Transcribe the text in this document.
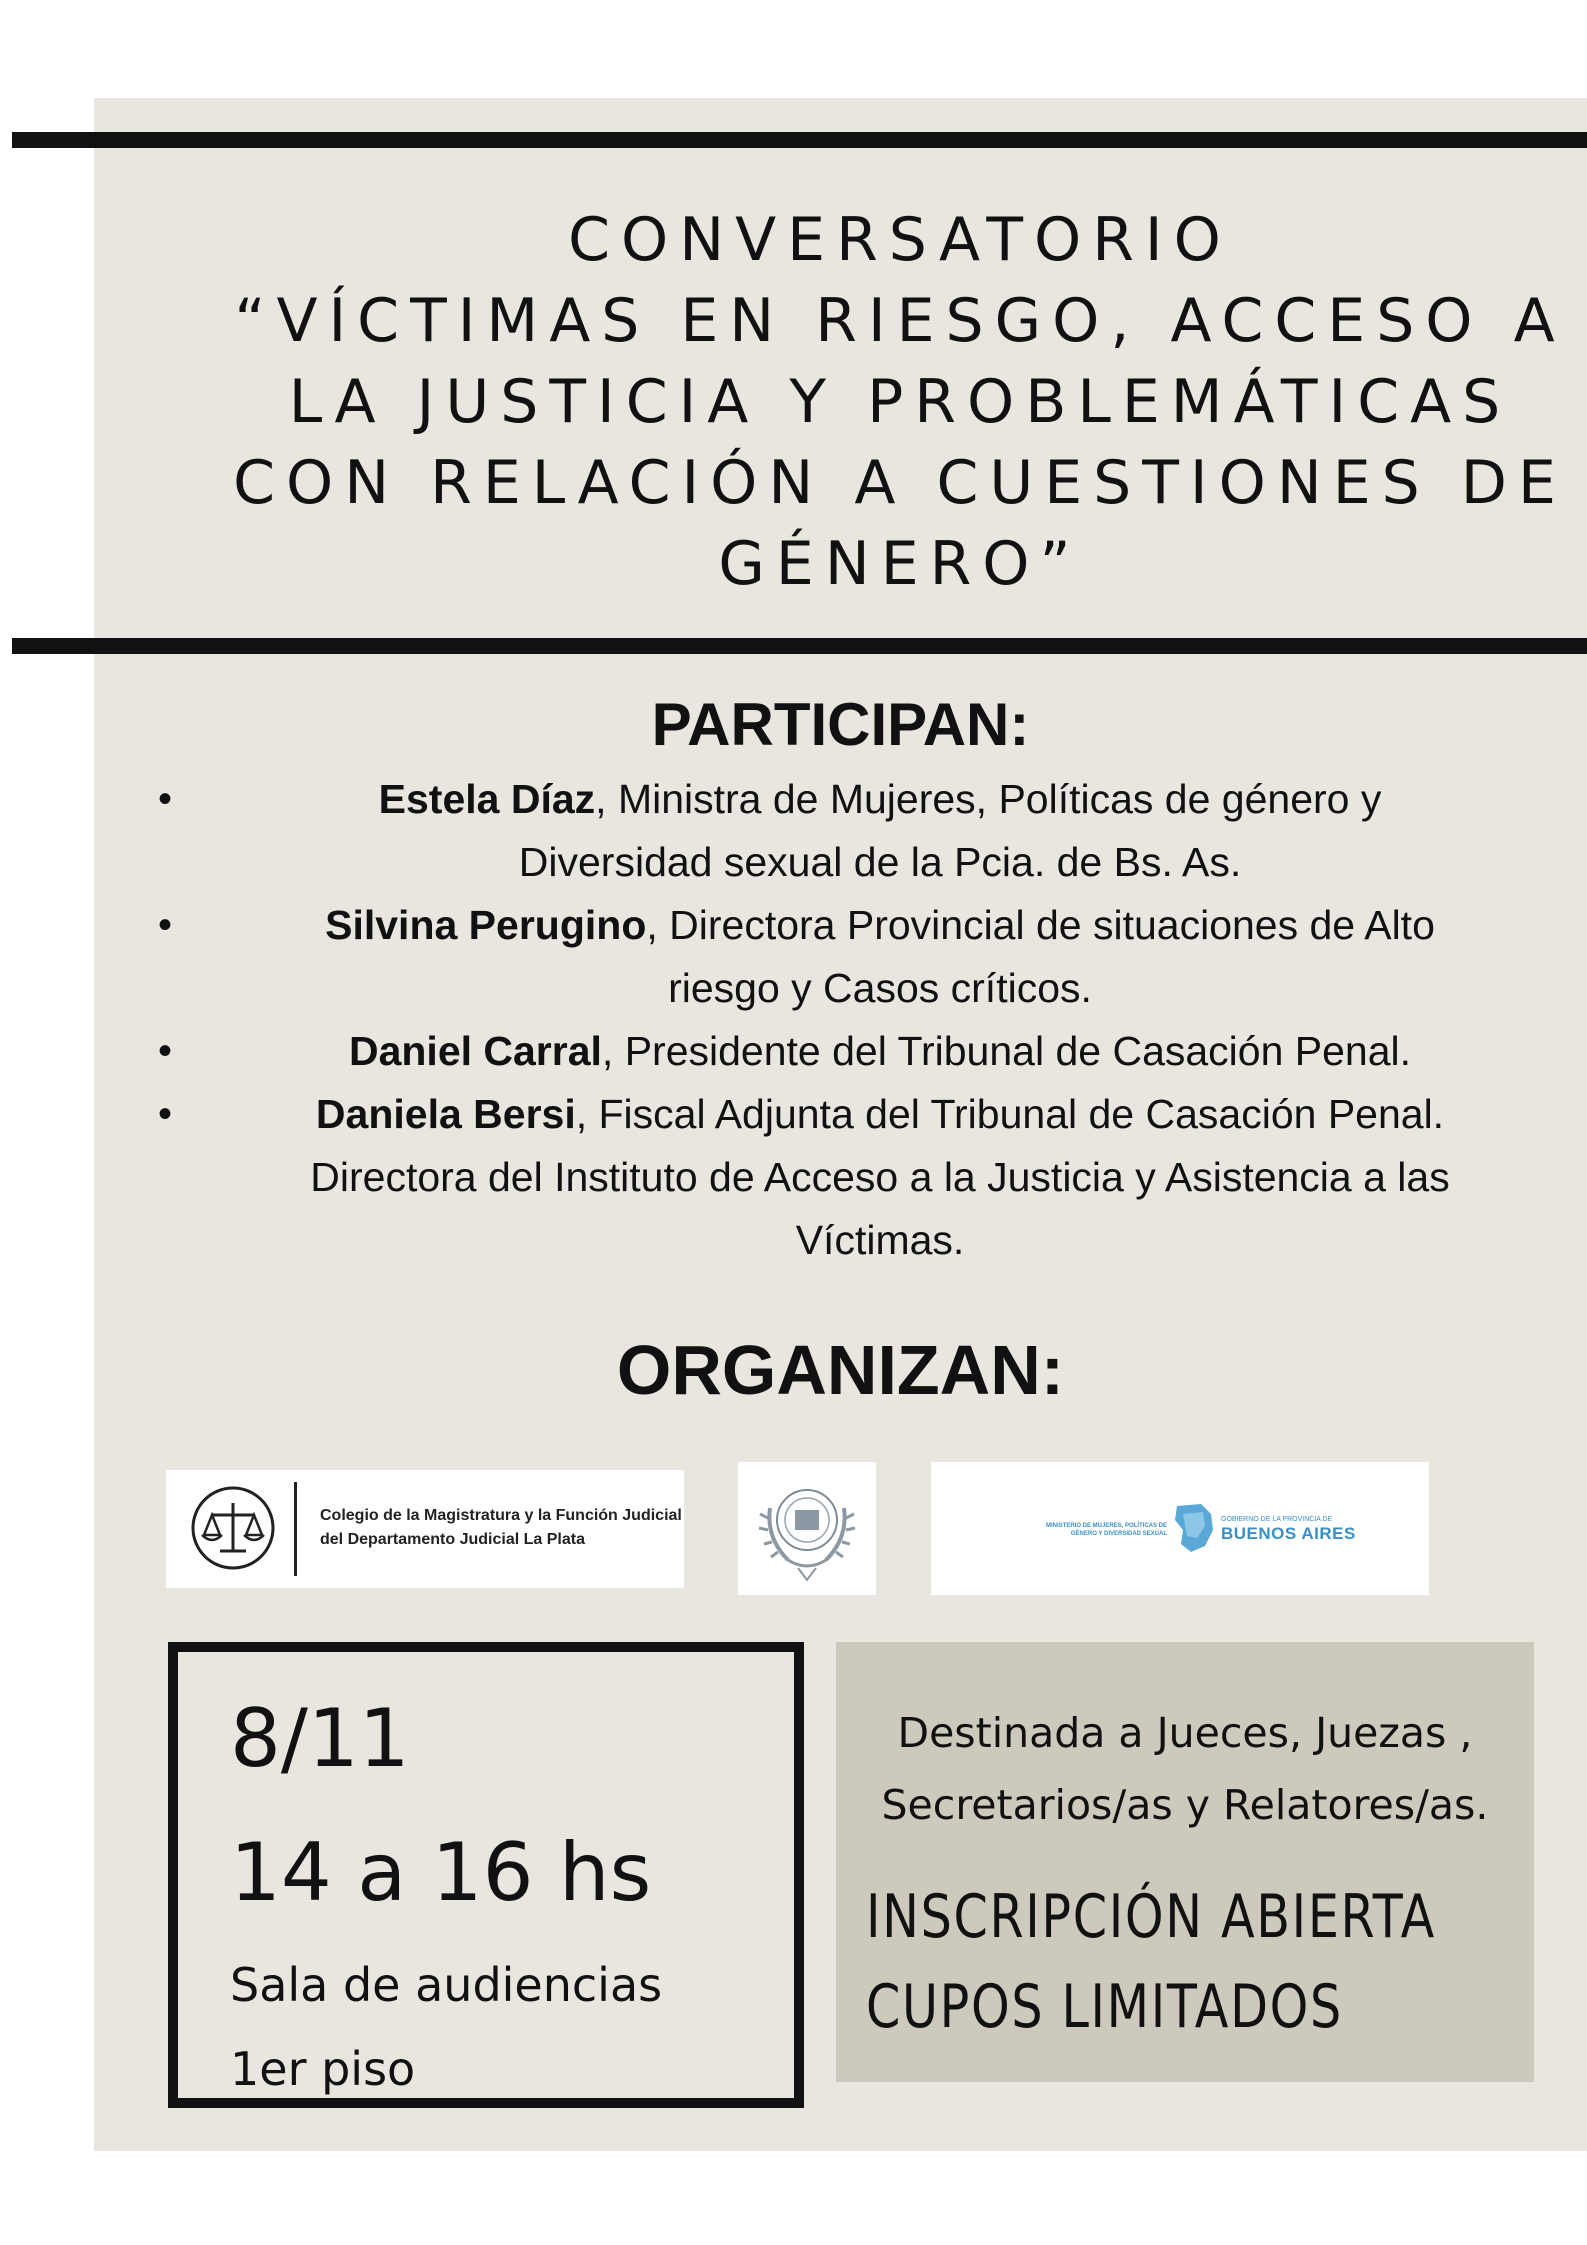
CONVERSATORIO
“VÍCTIMAS EN RIESGO, ACCESO A
LA JUSTICIA Y PROBLEMÁTICAS
CON RELACIÓN A CUESTIONES DE
GÉNERO”
PARTICIPAN:
•	Estela Díaz, Ministra de Mujeres, Políticas de género y
Diversidad sexual de la Pcia. de Bs. As.
•	Silvina Perugino, Directora Provincial de situaciones de Alto
riesgo y Casos críticos.
•	Daniel Carral, Presidente del Tribunal de Casación Penal.
•	Daniela Bersi, Fiscal Adjunta del Tribunal de Casación Penal.
Directora del Instituto de Acceso a la Justicia y Asistencia a las
Víctimas.
ORGANIZAN:
Colegio de la Magistratura y la Función Judicial
del Departamento Judicial La Plata
MINISTERIO DE MUJERES, POLÍTICAS DE GÉNERO Y DIVERSIDAD SEXUAL
GOBIERNO DE LA PROVINCIA DE
BUENOS AIRES
8/11
14 a 16 hs
Sala de audiencias
1er piso
Destinada a Jueces, Juezas ,
Secretarios/as y Relatores/as.
INSCRIPCIÓN ABIERTA
CUPOS LIMITADOS
